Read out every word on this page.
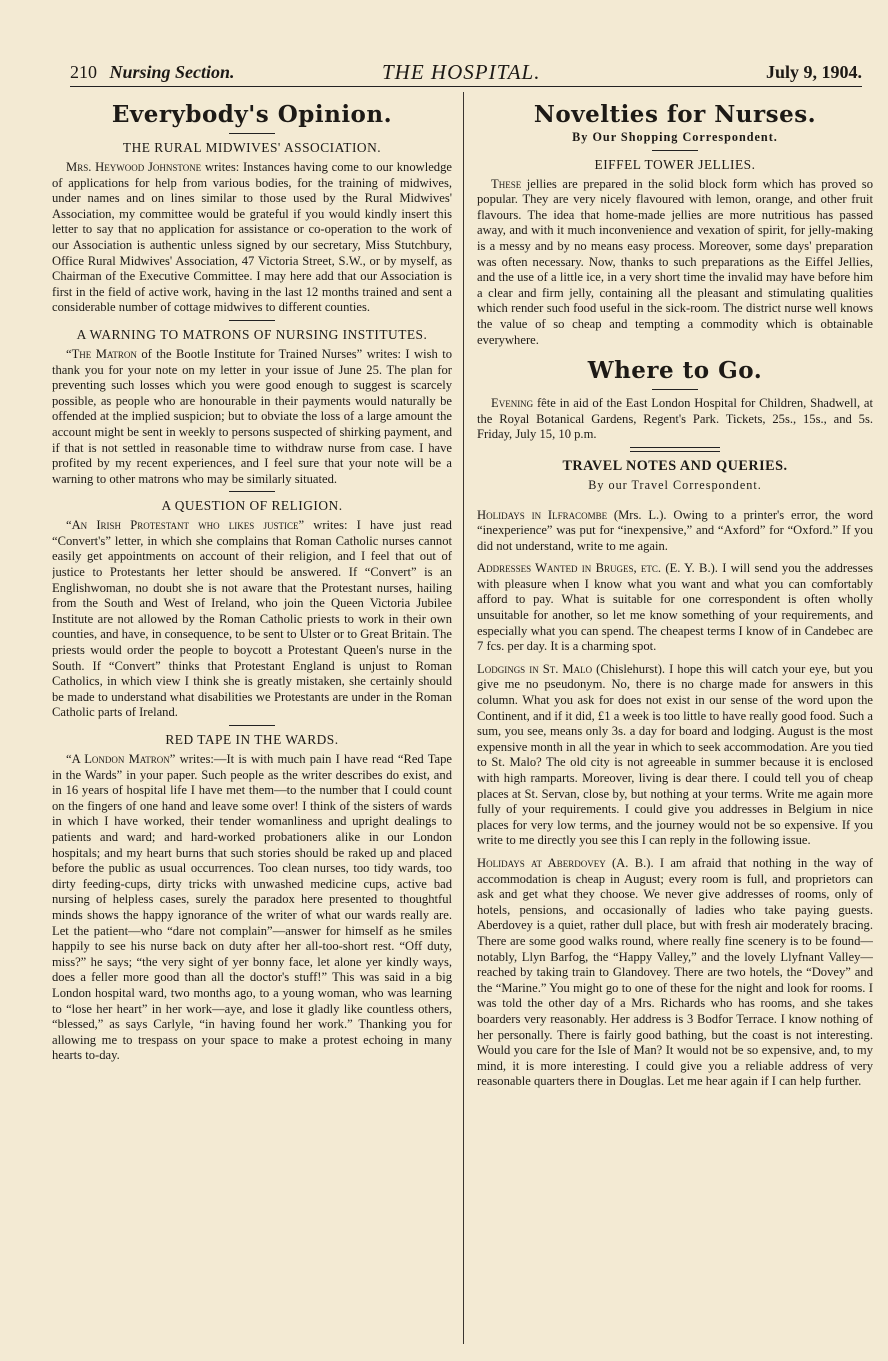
210 Nursing Section.	THE HOSPITAL.	July 9, 1904.
Everybody's Opinion.
THE RURAL MIDWIVES' ASSOCIATION.

Mrs. Heywood Johnstone writes: Instances having come to our knowledge of applications for help from various bodies, for the training of midwives, under names and on lines similar to those used by the Rural Midwives' Association, my committee would be grateful if you would kindly insert this letter to say that no application for assistance or co-operation to the work of our Association is authentic unless signed by our secretary, Miss Stutchbury, Office Rural Midwives' Association, 47 Victoria Street, S.W., or by myself, as Chairman of the Executive Committee. I may here add that our Association is first in the field of active work, having in the last 12 months trained and sent a considerable number of cottage midwives to different counties.

A WARNING TO MATRONS OF NURSING INSTITUTES.

“The Matron of the Bootle Institute for Trained Nurses” writes: I wish to thank you for your note on my letter in your issue of June 25. The plan for preventing such losses which you were good enough to suggest is scarcely possible, as people who are honourable in their payments would naturally be offended at the implied suspicion; but to obviate the loss of a large amount the account might be sent in weekly to persons suspected of shirking payment, and if that is not settled in reasonable time to withdraw nurse from case. I have profited by my recent experiences, and I feel sure that your note will be a warning to other matrons who may be similarly situated.

A QUESTION OF RELIGION.

“An Irish Protestant who likes justice” writes: I have just read “Convert's” letter, in which she complains that Roman Catholic nurses cannot easily get appointments on account of their religion, and I feel that out of justice to Protestants her letter should be answered. If “Convert” is an Englishwoman, no doubt she is not aware that the Protestant nurses, hailing from the South and West of Ireland, who join the Queen Victoria Jubilee Institute are not allowed by the Roman Catholic priests to work in their own counties, and have, in consequence, to be sent to Ulster or to Great Britain. The priests would order the people to boycott a Protestant Queen's nurse in the South. If “Convert” thinks that Protestant England is unjust to Roman Catholics, in which view I think she is greatly mistaken, she certainly should be made to understand what disabilities we Protestants are under in the Roman Catholic parts of Ireland.

RED TAPE IN THE WARDS.

“A London Matron” writes:—It is with much pain I have read “Red Tape in the Wards” in your paper. Such people as the writer describes do exist, and in 16 years of hospital life I have met them—to the number that I could count on the fingers of one hand and leave some over! I think of the sisters of wards in which I have worked, their tender womanliness and upright dealings to patients and ward; and hard-worked probationers alike in our London hospitals; and my heart burns that such stories should be raked up and placed before the public as usual occurrences. Too clean nurses, too tidy wards, too dirty feeding-cups, dirty tricks with unwashed medicine cups, active bad nursing of helpless cases, surely the paradox here presented to thoughtful minds shows the happy ignorance of the writer of what our wards really are. Let the patient—who “dare not complain”—answer for himself as he smiles happily to see his nurse back on duty after her all-too-short rest. “Off duty, miss?” he says; “the very sight of yer bonny face, let alone yer kindly ways, does a feller more good than all the doctor's stuff!” This was said in a big London hospital ward, two months ago, to a young woman, who was learning to “lose her heart” in her work—aye, and lose it gladly like countless others, “blessed,” as says Carlyle, “in having found her work.” Thanking you for allowing me to trespass on your space to make a protest echoing in many hearts to-day.

Novelties for Nurses.
By Our Shopping Correspondent.
EIFFEL TOWER JELLIES.

These jellies are prepared in the solid block form which has proved so popular. They are very nicely flavoured with lemon, orange, and other fruit flavours. The idea that home-made jellies are more nutritious has passed away, and with it much inconvenience and vexation of spirit, for jelly-making is a messy and by no means easy process. Moreover, some days' preparation was often necessary. Now, thanks to such preparations as the Eiffel Jellies, and the use of a little ice, in a very short time the invalid may have before him a clear and firm jelly, containing all the pleasant and stimulating qualities which render such food useful in the sick-room. The district nurse well knows the value of so cheap and tempting a commodity which is obtainable everywhere.

Where to Go.

Evening fête in aid of the East London Hospital for Children, Shadwell, at the Royal Botanical Gardens, Regent's Park. Tickets, 25s., 15s., and 5s. Friday, July 15, 10 p.m.

TRAVEL NOTES AND QUERIES.
By our Travel Correspondent.

Holidays in Ilfracombe (Mrs. L.). Owing to a printer's error, the word “inexperience” was put for “inexpensive,” and “Axford” for “Oxford.” If you did not understand, write to me again.

Addresses Wanted in Bruges, etc. (E. Y. B.). I will send you the addresses with pleasure when I know what you want and what you can comfortably afford to pay. What is suitable for one correspondent is often wholly unsuitable for another, so let me know something of your requirements, and especially what you can spend. The cheapest terms I know of in Candebec are 7 fcs. per day. It is a charming spot.

Lodgings in St. Malo (Chislehurst). I hope this will catch your eye, but you give me no pseudonym. No, there is no charge made for answers in this column. What you ask for does not exist in our sense of the word upon the Continent, and if it did, £1 a week is too little to have really good food. Such a sum, you see, means only 3s. a day for board and lodging. August is the most expensive month in all the year in which to seek accommodation. Are you tied to St. Malo? The old city is not agreeable in summer because it is enclosed with high ramparts. Moreover, living is dear there. I could tell you of cheap places at St. Servan, close by, but nothing at your terms. Write me again more fully of your requirements. I could give you addresses in Belgium in nice places for very low terms, and the journey would not be so expensive. If you write to me directly you see this I can reply in the following issue.

Holidays at Aberdovey (A. B.). I am afraid that nothing in the way of accommodation is cheap in August; every room is full, and proprietors can ask and get what they choose. We never give addresses of rooms, only of hotels, pensions, and occasionally of ladies who take paying guests. Aberdovey is a quiet, rather dull place, but with fresh air moderately bracing. There are some good walks round, where really fine scenery is to be found—notably, Llyn Barfog, the “Happy Valley,” and the lovely Llyfnant Valley—reached by taking train to Glandovey. There are two hotels, the “Dovey” and the “Marine.” You might go to one of these for the night and look for rooms. I was told the other day of a Mrs. Richards who has rooms, and she takes boarders very reasonably. Her address is 3 Bodfor Terrace. I know nothing of her personally. There is fairly good bathing, but the coast is not interesting. Would you care for the Isle of Man? It would not be so expensive, and, to my mind, it is more interesting. I could give you a reliable address of very reasonable quarters there in Douglas. Let me hear again if I can help further.
